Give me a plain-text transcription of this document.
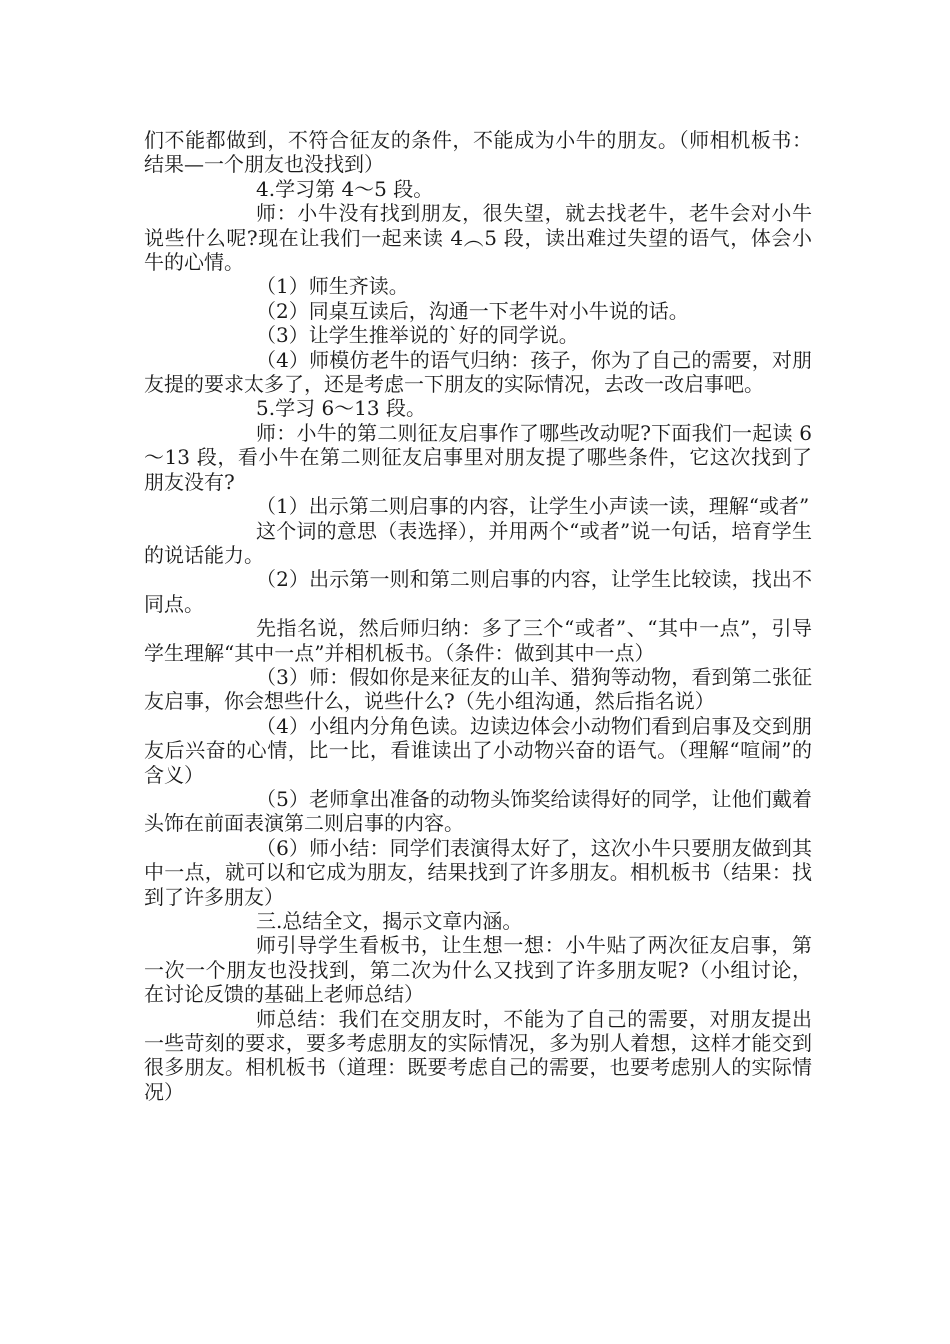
们不能都做到，不符合征友的条件，不能成为小牛的朋友。（师相机板书：结果—一个朋友也没找到）

4.学习第 4～5 段。

师：小牛没有找到朋友，很失望，就去找老牛，老牛会对小牛说些什么呢?现在让我们一起来读 4︵5 段，读出难过失望的语气，体会小牛的心情。

（1）师生齐读。

（2）同桌互读后，沟通一下老牛对小牛说的话。

（3）让学生推举说的`好的同学说。

（4）师模仿老牛的语气归纳：孩子，你为了自己的需要，对朋友提的要求太多了，还是考虑一下朋友的实际情况，去改一改启事吧。

5.学习 6～13 段。

师：小牛的第二则征友启事作了哪些改动呢?下面我们一起读 6～13 段，看小牛在第二则征友启事里对朋友提了哪些条件，它这次找到了朋友没有?

（1）出示第二则启事的内容，让学生小声读一读，理解“或者”

这个词的意思（表选择），并用两个“或者”说一句话，培育学生的说话能力。

（2）出示第一则和第二则启事的内容，让学生比较读，找出不同点。

先指名说，然后师归纳：多了三个“或者”、“其中一点”，引导学生理解“其中一点”并相机板书。（条件：做到其中一点）

（3）师：假如你是来征友的山羊、猎狗等动物，看到第二张征友启事，你会想些什么，说些什么?（先小组沟通，然后指名说）

（4）小组内分角色读。边读边体会小动物们看到启事及交到朋友后兴奋的心情，比一比，看谁读出了小动物兴奋的语气。（理解“喧闹”的含义）

（5）老师拿出准备的动物头饰奖给读得好的同学，让他们戴着头饰在前面表演第二则启事的内容。

（6）师小结：同学们表演得太好了，这次小牛只要朋友做到其中一点，就可以和它成为朋友，结果找到了许多朋友。相机板书（结果：找到了许多朋友）

三.总结全文，揭示文章内涵。

师引导学生看板书，让生想一想：小牛贴了两次征友启事，第一次一个朋友也没找到，第二次为什么又找到了许多朋友呢?（小组讨论，在讨论反馈的基础上老师总结）

师总结：我们在交朋友时，不能为了自己的需要，对朋友提出一些苛刻的要求，要多考虑朋友的实际情况，多为别人着想，这样才能交到很多朋友。相机板书（道理：既要考虑自己的需要，也要考虑别人的实际情况）
